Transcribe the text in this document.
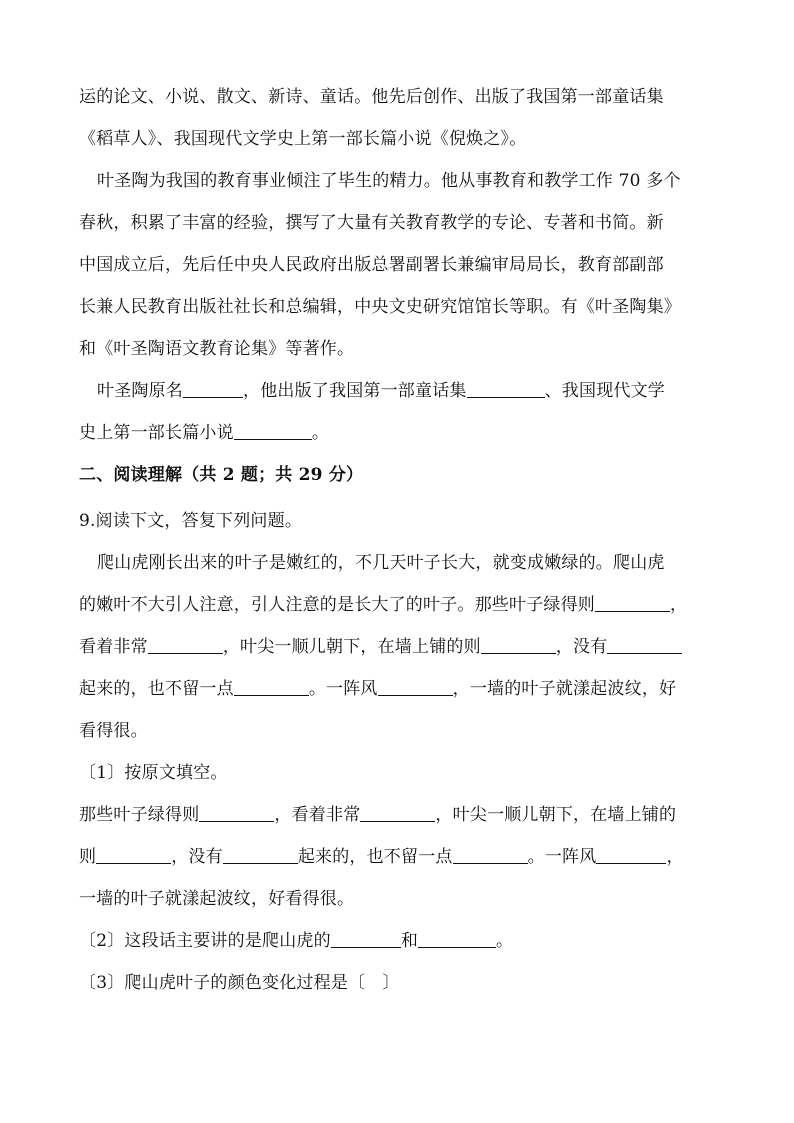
运的论文、小说、散文、新诗、童话。他先后创作、出版了我国第一部童话集
《稻草人》、我国现代文学史上第一部长篇小说《倪焕之》。
叶圣陶为我国的教育事业倾注了毕生的精力。他从事教育和教学工作 70 多个
春秋，积累了丰富的经验，撰写了大量有关教育教学的专论、专著和书简。新
中国成立后，先后任中央人民政府出版总署副署长兼编审局局长，教育部副部
长兼人民教育出版社社长和总编辑，中央文史研究馆馆长等职。有《叶圣陶集》
和《叶圣陶语文教育论集》等著作。
叶圣陶原名	，他出版了我国第一部童话集	、我国现代文学
史上第一部长篇小说	。
二、阅读理解（共 2 题；共 29 分）
9.阅读下文，答复下列问题。
爬山虎刚长出来的叶子是嫩红的，不几天叶子长大，就变成嫩绿的。爬山虎
的嫩叶不大引人注意，引人注意的是长大了的叶子。那些叶子绿得则	，
看着非常	，叶尖一顺儿朝下，在墙上铺的则	，没有
起来的，也不留一点	。一阵风	，一墙的叶子就漾起波纹，好
看得很。
〔1〕按原文填空。
那些叶子绿得则	，看着非常	，叶尖一顺儿朝下，在墙上铺的
则	，没有	起来的，也不留一点	。一阵风	，
一墙的叶子就漾起波纹，好看得很。
〔2〕这段话主要讲的是爬山虎的	和	。
〔3〕爬山虎叶子的颜色变化过程是〔　〕
